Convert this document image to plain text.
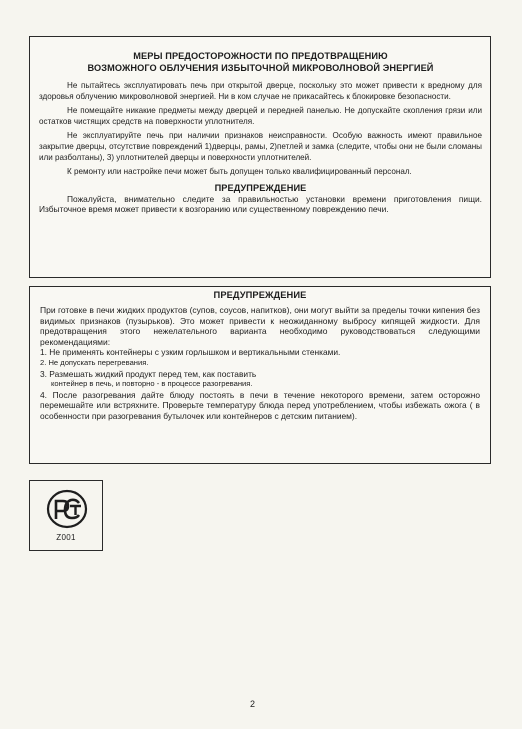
МЕРЫ ПРЕДОСТОРОЖНОСТИ ПО ПРЕДОТВРАЩЕНИЮ
ВОЗМОЖНОГО ОБЛУЧЕНИЯ ИЗБЫТОЧНОЙ МИКРОВОЛНОВОЙ ЭНЕРГИЕЙ

Не пытайтесь эксплуатировать печь при открытой дверце, поскольку это может привести к вредному для здоровья облучению микроволновой энергией. Ни в ком случае не прикасайтесь к блокировке безопасности.

Не помещайте никакие предметы между дверцей и передней панелью. Не допускайте скопления грязи или остатков чистящих средств на поверхности уплотнителя.

Не эксплуатируйте печь при наличии признаков неисправности. Особую важность имеют правильное закрытие дверцы, отсутствие повреждений 1)дверцы, рамы, 2)петлей и замка (следите, чтобы они не были сломаны или разболтаны), 3) уплотнителей дверцы и поверхности уплотнителей.

К ремонту или настройке печи может быть допущен только квалифицированный персонал.

ПРЕДУПРЕЖДЕНИЕ

Пожалуйста, внимательно следите за правильностью установки времени приготовления пищи. Избыточное время может привести к возгоранию или существенному повреждению печи.

ПРЕДУПРЕЖДЕНИЕ

При готовке в печи жидких продуктов (супов, соусов, напитков), они могут выйти за пределы точки кипения без видимых признаков (пузырьков). Это может привести к неожиданному выбросу кипящей жидкости. Для предотвращения этого нежелательного варианта необходимо руководствоваться следующими рекомендациями:

1. Не применять контейнеры с узким горлышком и вертикальными стенками.

2. Не допускать перегревания.

3. Размешать жидкий продукт перед тем, как поставить

контейнер в печь, и повторно - в процессе разогревания.

4. После разогревания дайте блюду постоять в печи в течение некоторого времени, затем осторожно перемешайте или встряхните. Проверьте температуру блюда перед употреблением, чтобы избежать ожога ( в особенности при разогревания бутылочек или контейнеров с детским питанием).

Z001
2
